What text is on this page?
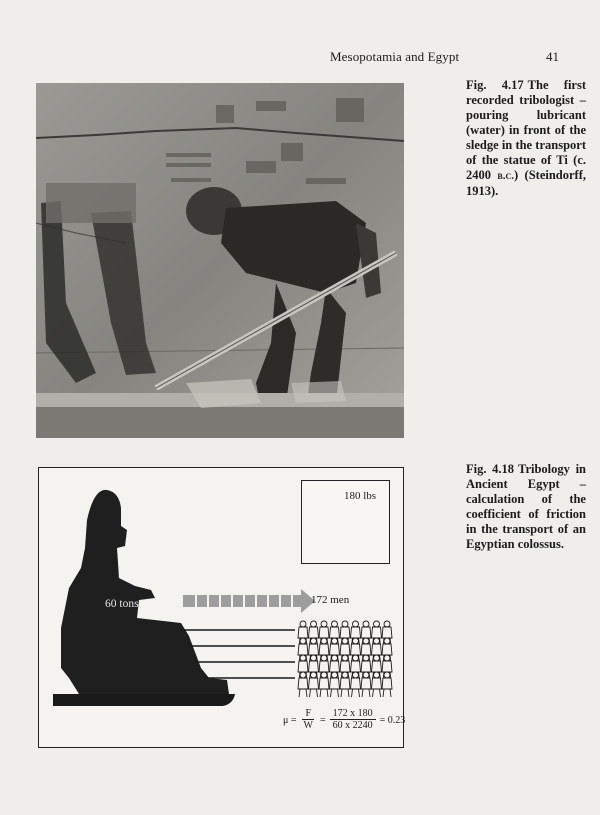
Mesopotamia and Egypt	41
Fig. 4.17 The first recorded tribologist – pouring lubricant (water) in front of the sledge in the transport of the statue of Ti (c. 2400 b.c.) (Steindorff, 1913).
180 lbs
172 men
60 tons
$\mu = \frac{F}{W} = \frac{172 x 180}{60 x 2240} = 0.23$
Fig. 4.18 Tribology in Ancient Egypt – calculation of the coefficient of friction in the transport of an Egyptian colossus.
